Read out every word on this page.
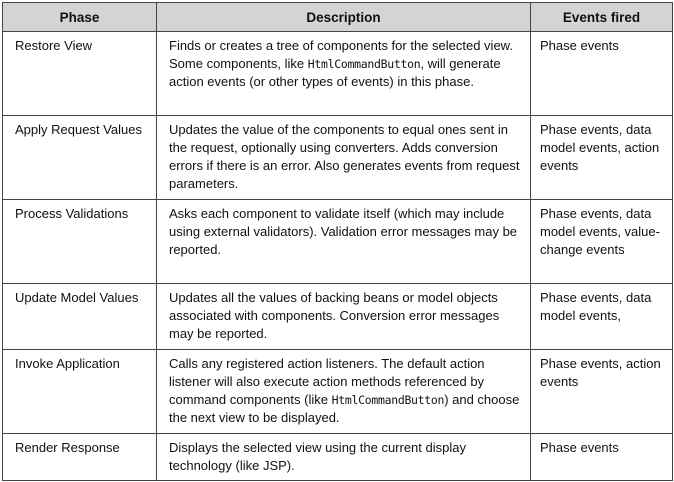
Phase	Description	Events fired
Restore View	Finds or creates a tree of components for the selected view. Some components, like HtmlCommandButton, will generate action events (or other types of events) in this phase.	Phase events
Apply Request Values	Updates the value of the components to equal ones sent in the request, optionally using converters. Adds conversion errors if there is an error. Also generates events from request parameters.	Phase events, data model events, action events
Process Validations	Asks each component to validate itself (which may include using external validators). Validation error messages may be reported.	Phase events, data model events, value-change events
Update Model Values	Updates all the values of backing beans or model objects associated with components. Conversion error messages may be reported.	Phase events, data model events,
Invoke Application	Calls any registered action listeners. The default action listener will also execute action methods referenced by command components (like HtmlCommandButton) and choose the next view to be displayed.	Phase events, action events
Render Response	Displays the selected view using the current display technology (like JSP).	Phase events
